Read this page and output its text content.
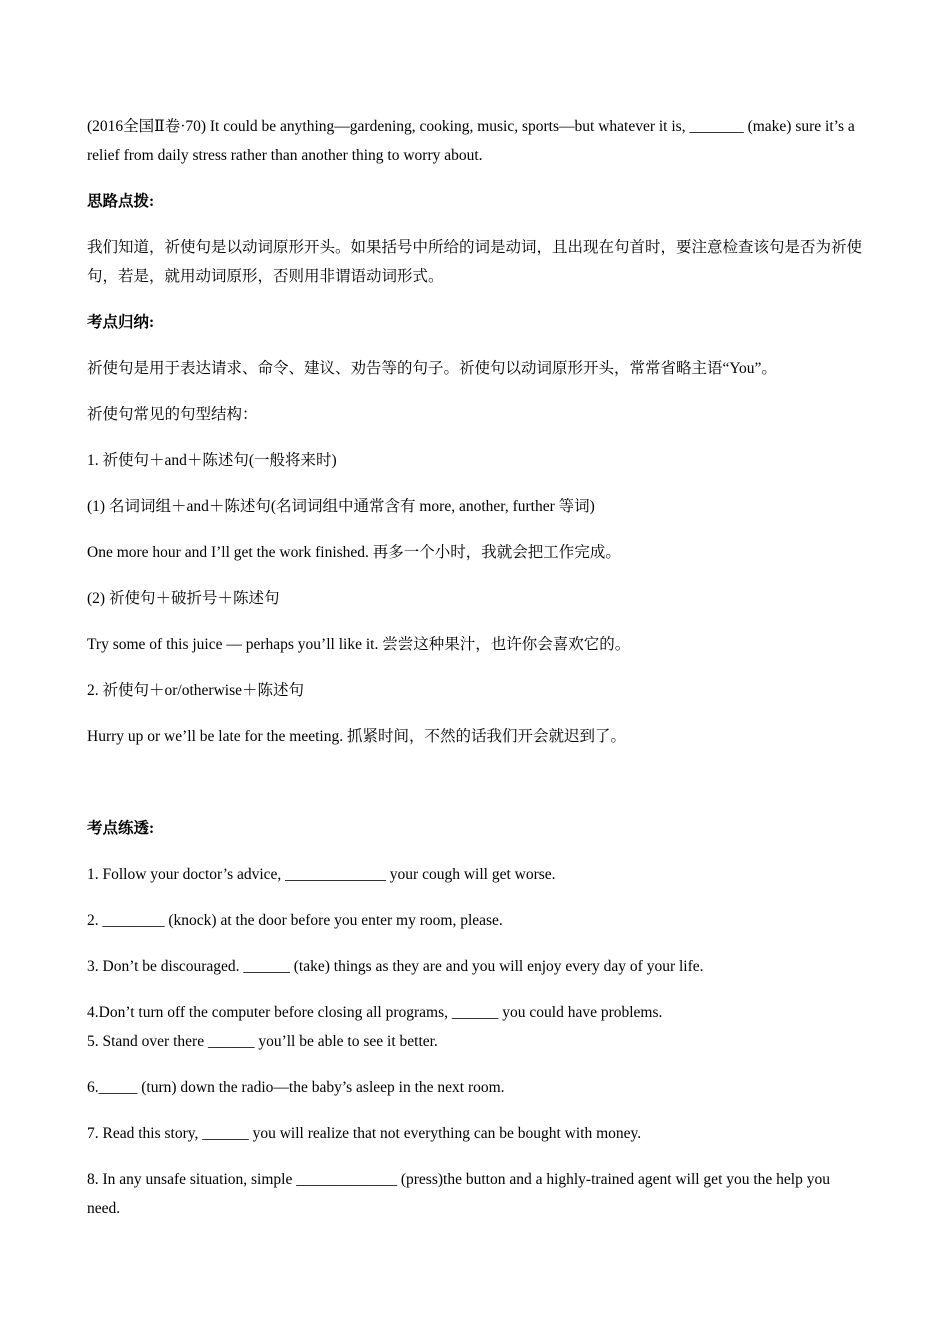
(2016全国Ⅱ卷·70) It could be anything—gardening, cooking, music, sports—but whatever it is, _______ (make) sure it’s a relief from daily stress rather than another thing to worry about.

思路点拨:

我们知道，祈使句是以动词原形开头。如果括号中所给的词是动词，且出现在句首时，要注意检查该句是否为祈使句，若是，就用动词原形，否则用非谓语动词形式。

考点归纳:

祈使句是用于表达请求、命令、建议、劝告等的句子。祈使句以动词原形开头，常常省略主语“You”。

祈使句常见的句型结构：

1. 祈使句＋and＋陈述句(一般将来时)

(1) 名词词组＋and＋陈述句(名词词组中通常含有 more, another, further 等词)

One more hour and I’ll get the work finished. 再多一个小时，我就会把工作完成。

(2) 祈使句＋破折号＋陈述句

Try some of this juice — perhaps you’ll like it. 尝尝这种果汁，也许你会喜欢它的。

2. 祈使句＋or/otherwise＋陈述句

Hurry up or we’ll be late for the meeting. 抓紧时间，不然的话我们开会就迟到了。

考点练透:

1. Follow your doctor’s advice, _____________ your cough will get worse.

2. ________ (knock) at the door before you enter my room, please.

3. Don’t be discouraged. ______ (take) things as they are and you will enjoy every day of your life.

4.Don’t turn off the computer before closing all programs, ______ you could have problems.

5. Stand over there ______ you’ll be able to see it better.

6._____ (turn) down the radio—the baby’s asleep in the next room.

7. Read this story, ______ you will realize that not everything can be bought with money.

8. In any unsafe situation, simple _____________ (press)the button and a highly-trained agent will get you the help you need.
